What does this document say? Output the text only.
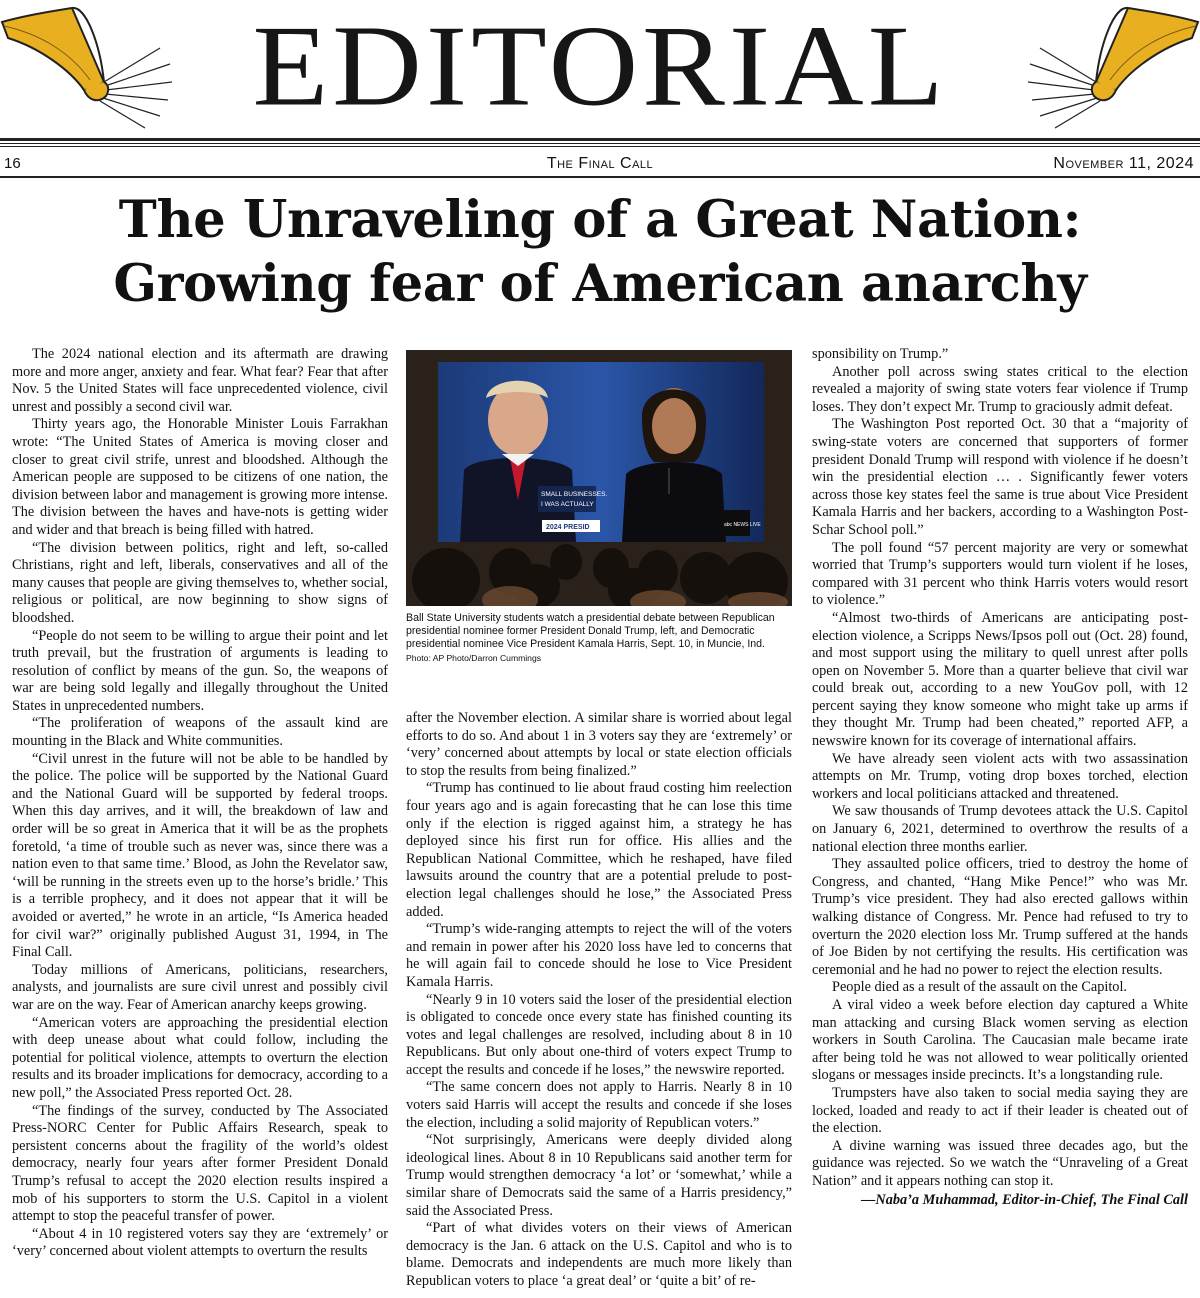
EDITORIAL
16	The Final Call	November 11, 2024
The Unraveling of a Great Nation:
Growing fear of American anarchy

The 2024 national election and its aftermath are drawing more and more anger, anxiety and fear. What fear? Fear that after Nov. 5 the United States will face unprecedented violence, civil unrest and possibly a second civil war.

Thirty years ago, the Honorable Minister Louis Farrakhan wrote: “The United States of America is moving closer and closer to great civil strife, unrest and bloodshed. Although the American people are supposed to be citizens of one nation, the division between labor and management is growing more intense. The division between the haves and have-nots is getting wider and wider and that breach is being filled with hatred.

“The division between politics, right and left, so-called Christians, right and left, liberals, conservatives and all of the many causes that people are giving themselves to, whether social, religious or political, are now beginning to show signs of bloodshed.

“People do not seem to be willing to argue their point and let truth prevail, but the frustration of arguments is leading to resolution of conflict by means of the gun. So, the weapons of war are being sold legally and illegally throughout the United States in unprecedented numbers.

“The proliferation of weapons of the assault kind are mounting in the Black and White communities.

“Civil unrest in the future will not be able to be handled by the police. The police will be supported by the National Guard and the National Guard will be supported by federal troops. When this day arrives, and it will, the breakdown of law and order will be so great in America that it will be as the prophets foretold, ‘a time of trouble such as never was, since there was a nation even to that same time.’ Blood, as John the Revelator saw, ‘will be running in the streets even up to the horse’s bridle.’ This is a terrible prophecy, and it does not appear that it will be avoided or averted,” he wrote in an article, “Is America headed for civil war?” originally published August 31, 1994, in The Final Call.

Today millions of Americans, politicians, researchers, analysts, and journalists are sure civil unrest and possibly civil war are on the way. Fear of American anarchy keeps growing.

“American voters are approaching the presidential election with deep unease about what could follow, including the potential for political violence, attempts to overturn the election results and its broader implications for democracy, according to a new poll,” the Associated Press reported Oct. 28.

“The findings of the survey, conducted by The Associated Press-NORC Center for Public Affairs Research, speak to persistent concerns about the fragility of the world’s oldest democracy, nearly four years after former President Donald Trump’s refusal to accept the 2020 election results inspired a mob of his supporters to storm the U.S. Capitol in a violent attempt to stop the peaceful transfer of power.

“About 4 in 10 registered voters say they are ‘extremely’ or ‘very’ concerned about violent attempts to overturn the results

SMALL BUSINESSES.
I WAS ACTUALLY
2024 PRESID	abc NEWS LIVE
Ball State University students watch a presidential debate between Republican presidential nominee former President Donald Trump, left, and Democratic presidential nominee Vice President Kamala Harris, Sept. 10, in Muncie, Ind.
Photo: AP Photo/Darron Cummings

after the November election. A similar share is worried about legal efforts to do so. And about 1 in 3 voters say they are ‘extremely’ or ‘very’ concerned about attempts by local or state election officials to stop the results from being finalized.”

“Trump has continued to lie about fraud costing him reelection four years ago and is again forecasting that he can lose this time only if the election is rigged against him, a strategy he has deployed since his first run for office. His allies and the Republican National Committee, which he reshaped, have filed lawsuits around the country that are a potential prelude to post-election legal challenges should he lose,” the Associated Press added.

“Trump’s wide-ranging attempts to reject the will of the voters and remain in power after his 2020 loss have led to concerns that he will again fail to concede should he lose to Vice President Kamala Harris.

“Nearly 9 in 10 voters said the loser of the presidential election is obligated to concede once every state has finished counting its votes and legal challenges are resolved, including about 8 in 10 Republicans. But only about one-third of voters expect Trump to accept the results and concede if he loses,” the newswire reported.

“The same concern does not apply to Harris. Nearly 8 in 10 voters said Harris will accept the results and concede if she loses the election, including a solid majority of Republican voters.”

“Not surprisingly, Americans were deeply divided along ideological lines. About 8 in 10 Republicans said another term for Trump would strengthen democracy ‘a lot’ or ‘somewhat,’ while a similar share of Democrats said the same of a Harris presidency,” said the Associated Press.

“Part of what divides voters on their views of American democracy is the Jan. 6 attack on the U.S. Capitol and who is to blame. Democrats and independents are much more likely than Republican voters to place ‘a great deal’ or ‘quite a bit’ of re-

sponsibility on Trump.”

Another poll across swing states critical to the election revealed a majority of swing state voters fear violence if Trump loses. They don’t expect Mr. Trump to graciously admit defeat.

The Washington Post reported Oct. 30 that a “majority of swing-state voters are concerned that supporters of former president Donald Trump will respond with violence if he doesn’t win the presidential election … . Significantly fewer voters across those key states feel the same is true about Vice President Kamala Harris and her backers, according to a Washington Post-Schar School poll.”

The poll found “57 percent majority are very or somewhat worried that Trump’s supporters would turn violent if he loses, compared with 31 percent who think Harris voters would resort to violence.”

“Almost two-thirds of Americans are anticipating post-election violence, a Scripps News/Ipsos poll out (Oct. 28) found, and most support using the military to quell unrest after polls open on November 5. More than a quarter believe that civil war could break out, according to a new YouGov poll, with 12 percent saying they know someone who might take up arms if they thought Mr. Trump had been cheated,” reported AFP, a newswire known for its coverage of international affairs.

We have already seen violent acts with two assassination attempts on Mr. Trump, voting drop boxes torched, election workers and local politicians attacked and threatened.

We saw thousands of Trump devotees attack the U.S. Capitol on January 6, 2021, determined to overthrow the results of a national election three months earlier.

They assaulted police officers, tried to destroy the home of Congress, and chanted, “Hang Mike Pence!” who was Mr. Trump’s vice president. They had also erected gallows within walking distance of Congress. Mr. Pence had refused to try to overturn the 2020 election loss Mr. Trump suffered at the hands of Joe Biden by not certifying the results. His certification was ceremonial and he had no power to reject the election results.

People died as a result of the assault on the Capitol.

A viral video a week before election day captured a White man attacking and cursing Black women serving as election workers in South Carolina. The Caucasian male became irate after being told he was not allowed to wear politically oriented slogans or messages inside precincts. It’s a longstanding rule.

Trumpsters have also taken to social media saying they are locked, loaded and ready to act if their leader is cheated out of the election.

A divine warning was issued three decades ago, but the guidance was rejected. So we watch the “Unraveling of a Great Nation” and it appears nothing can stop it.

—Naba’a Muhammad, Editor-in-Chief, The Final Call
